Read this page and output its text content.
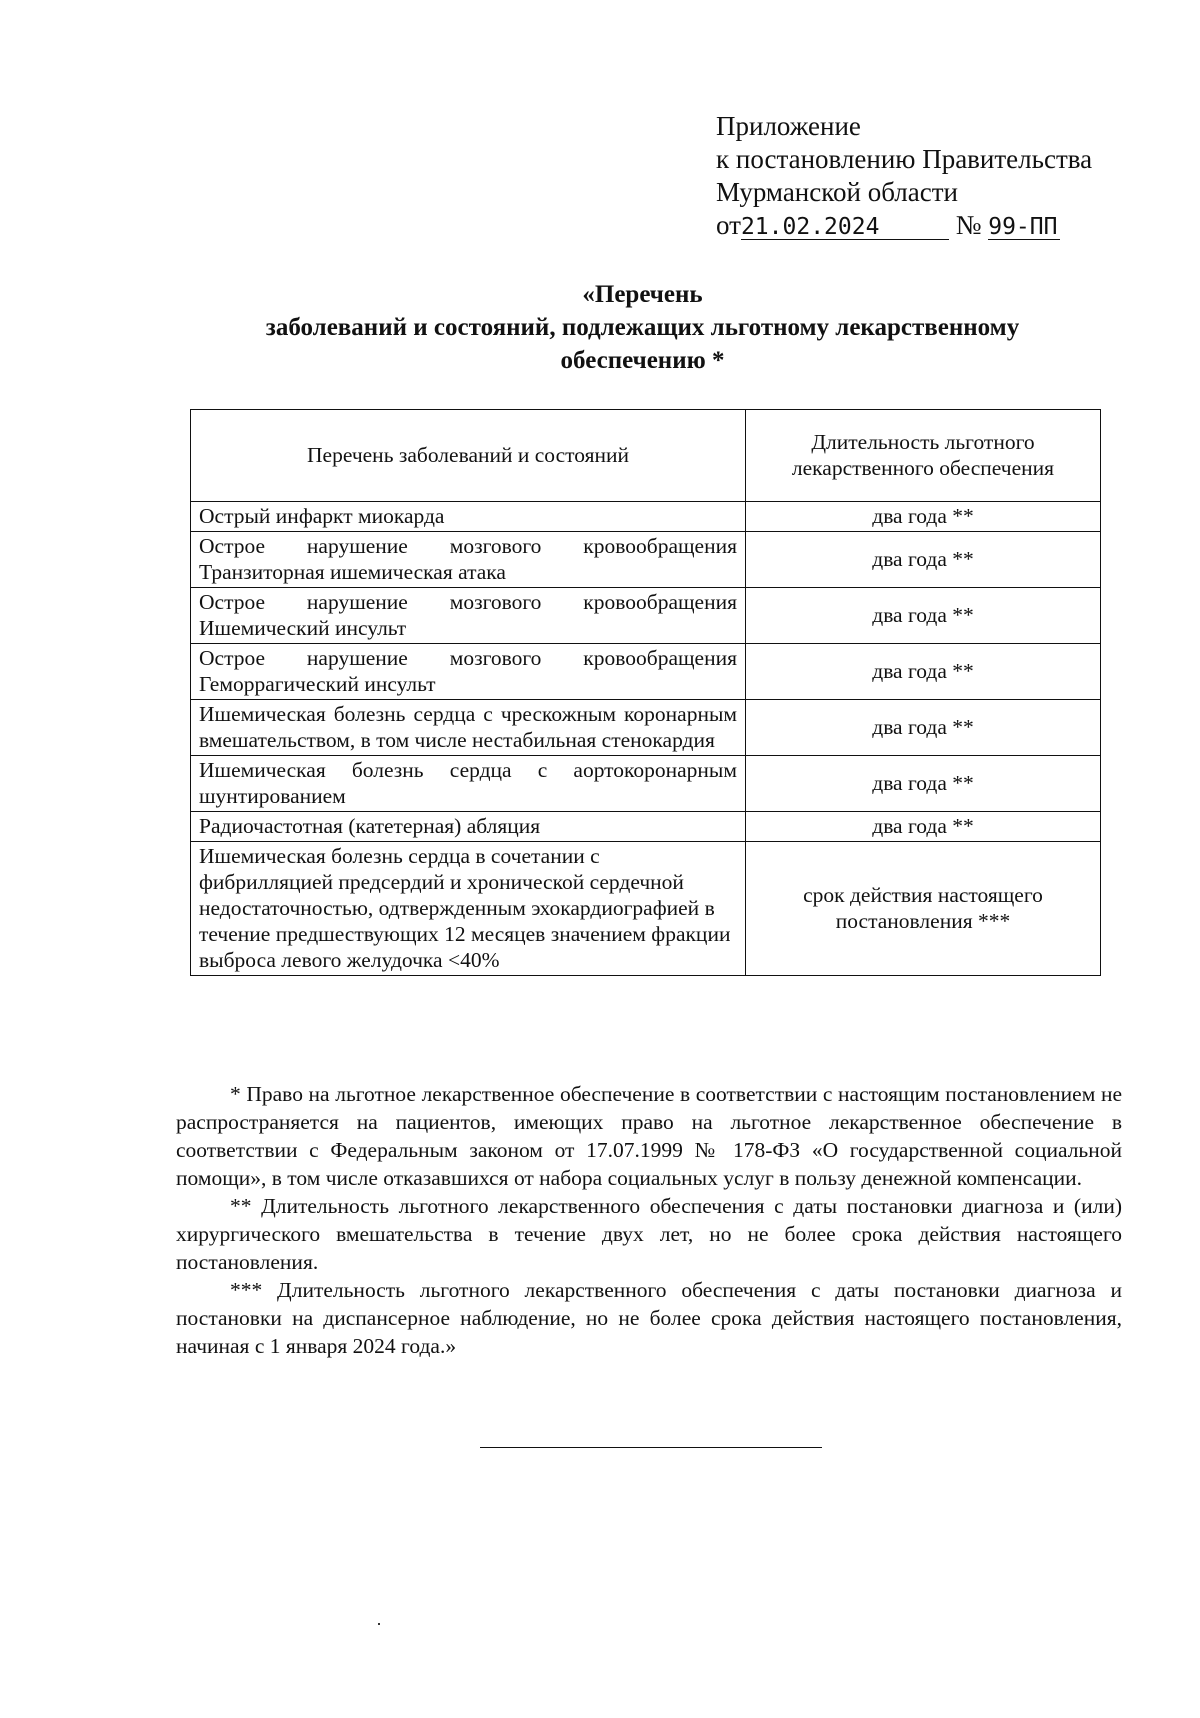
Приложение
к постановлению Правительства
Мурманской области
от21.02.2024	№ 99-ПП
«Перечень
заболеваний и состояний, подлежащих льготному лекарственному
обеспечению *
Перечень заболеваний и состояний	Длительность льготного лекарственного обеспечения
Острый инфаркт миокарда	два года **
Острое нарушение мозгового кровообращения Транзиторная ишемическая атака	два года **
Острое нарушение мозгового кровообращения Ишемический инсульт	два года **
Острое нарушение мозгового кровообращения Геморрагический инсульт	два года **
Ишемическая болезнь сердца с чрескожным коронарным вмешательством, в том числе нестабильная стенокардия	два года **
Ишемическая болезнь сердца с аортокоронарным шунтированием	два года **
Радиочастотная (катетерная) абляция	два года **
Ишемическая болезнь сердца в сочетании с фибрилляцией предсердий и хронической сердечной недостаточностью, одтвержденным эхокардиографией в течение предшествующих 12 месяцев значением фракции выброса левого желудочка <40%	срок действия настоящего постановления ***

* Право на льготное лекарственное обеспечение в соответствии с настоящим постановлением не распространяется на пациентов, имеющих право на льготное лекарственное обеспечение в соответствии с Федеральным законом от 17.07.1999 № 178-ФЗ «О государственной социальной помощи», в том числе отказавшихся от набора социальных услуг в пользу денежной компенсации.

** Длительность льготного лекарственного обеспечения с даты постановки диагноза и (или) хирургического вмешательства в течение двух лет, но не более срока действия настоящего постановления.

*** Длительность льготного лекарственного обеспечения с даты постановки диагноза и постановки на диспансерное наблюдение, но не более срока действия настоящего постановления, начиная с 1 января 2024 года.»
